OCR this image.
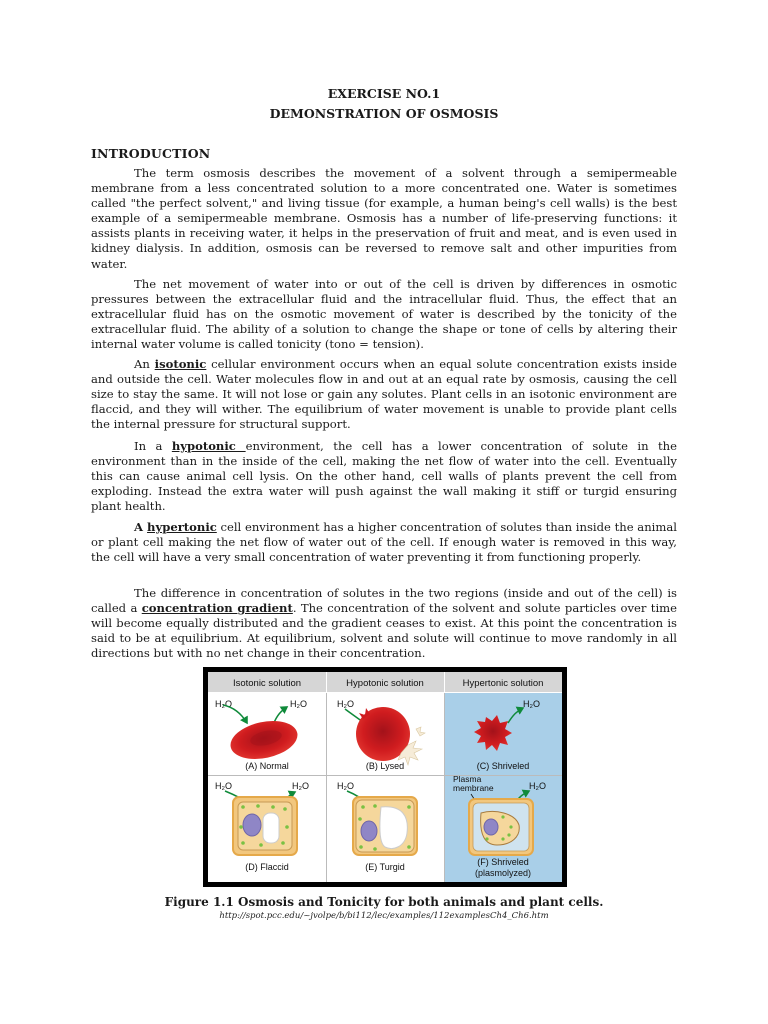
EXERCISE NO.1
DEMONSTRATION OF OSMOSIS
INTRODUCTION

The term osmosis describes the movement of a solvent through a semipermeable membrane from a less concentrated solution to a more concentrated one. Water is sometimes called "the perfect solvent," and living tissue (for example, a human being's cell walls) is the best example of a semipermeable membrane. Osmosis has a number of life-preserving functions: it assists plants in receiving water, it helps in the preservation of fruit and meat, and is even used in kidney dialysis. In addition, osmosis can be reversed to remove salt and other impurities from water.

The net movement of water into or out of the cell is driven by differences in osmotic pressures between the extracellular fluid and the intracellular fluid. Thus, the effect that an extracellular fluid has on the osmotic movement of water is described by the tonicity of the extracellular fluid. The ability of a solution to change the shape or tone of cells by altering their internal water volume is called tonicity (tono = tension).

An isotonic cellular environment occurs when an equal solute concentration exists inside and outside the cell. Water molecules flow in and out at an equal rate by osmosis, causing the cell size to stay the same. It will not lose or gain any solutes. Plant cells in an isotonic environment are flaccid, and they will wither. The equilibrium of water movement is unable to provide plant cells the internal pressure for structural support.

In a hypotonic environment, the cell has a lower concentration of solute in the environment than in the inside of the cell, making the net flow of water into the cell. Eventually this can cause animal cell lysis. On the other hand, cell walls of plants prevent the cell from exploding. Instead the extra water will push against the wall making it stiff or turgid ensuring plant health.

A hypertonic cell environment has a higher concentration of solutes than inside the animal or plant cell making the net flow of water out of the cell. If enough water is removed in this way, the cell will have a very small concentration of water preventing it from functioning properly.

The difference in concentration of solutes in the two regions (inside and out of the cell) is called a concentration gradient. The concentration of the solvent and solute particles over time will become equally distributed and the gradient ceases to exist. At this point the concentration is said to be at equilibrium. At equilibrium, solvent and solute will continue to move randomly in all directions but with no net change in their concentration.

Isotonic solution	Hypotonic solution	Hypertonic solution
H₂O	H₂O
(A) Normal
H₂O
(B) Lysed
H₂O
(C) Shriveled
H₂O	H₂O
(D) Flaccid
H₂O
(E) Turgid
Plasma
membrane	H₂O
(F) Shriveled
(plasmolyzed)
Figure 1.1 Osmosis and Tonicity for both animals and plant cells.
http://spot.pcc.edu/~jvolpe/b/bi112/lec/examples/112examplesCh4_Ch6.htm
